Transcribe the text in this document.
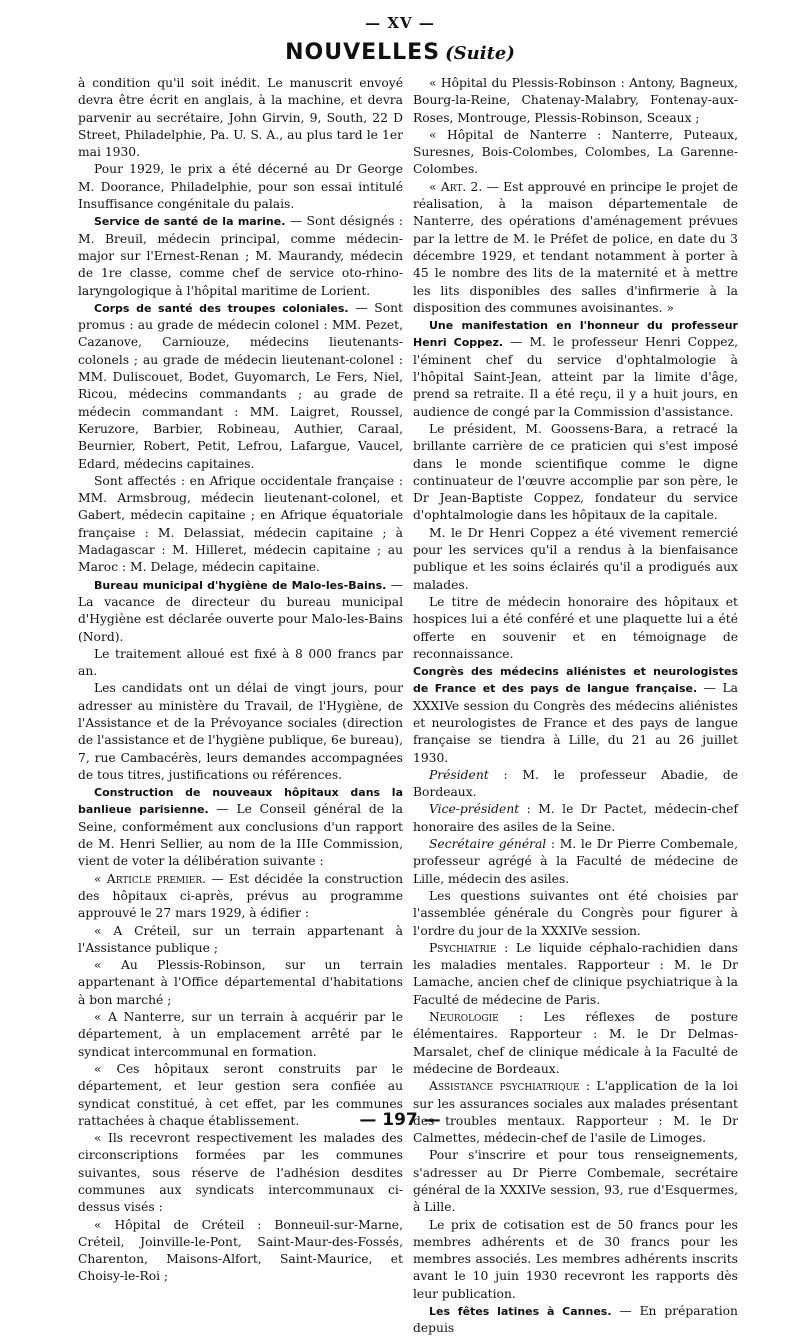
— XV —
NOUVELLES (Suite)

à condition qu'il soit inédit. Le manuscrit envoyé devra être écrit en anglais, à la machine, et devra parvenir au secrétaire, John Girvin, 9, South, 22 D Street, Philadelphie, Pa. U. S. A., au plus tard le 1er mai 1930.

Pour 1929, le prix a été décerné au Dr George M. Doorance, Philadelphie, pour son essai intitulé Insuffisance congénitale du palais.

Service de santé de la marine. — Sont désignés : M. Breuil, médecin principal, comme médecin-major sur l'Ernest-Renan ; M. Maurandy, médecin de 1re classe, comme chef de service oto-rhino-laryngologique à l'hôpital maritime de Lorient.

Corps de santé des troupes coloniales. — Sont promus : au grade de médecin colonel : MM. Pezet, Cazanove, Carniouze, médecins lieutenants-colonels ; au grade de médecin lieutenant-colonel : MM. Duliscouet, Bodet, Guyomarch, Le Fers, Niel, Ricou, médecins commandants ; au grade de médecin commandant : MM. Laigret, Roussel, Keruzore, Barbier, Robineau, Authier, Caraal, Beurnier, Robert, Petit, Lefrou, Lafargue, Vaucel, Edard, médecins capitaines.

Sont affectés : en Afrique occidentale française : MM. Armsbroug, médecin lieutenant-colonel, et Gabert, médecin capitaine ; en Afrique équatoriale française : M. Delassiat, médecin capitaine ; à Madagascar : M. Hilleret, médecin capitaine ; au Maroc : M. Delage, médecin capitaine.

Bureau municipal d'hygiène de Malo-les-Bains. — La vacance de directeur du bureau municipal d'Hygiène est déclarée ouverte pour Malo-les-Bains (Nord).

Le traitement alloué est fixé à 8 000 francs par an.

Les candidats ont un délai de vingt jours, pour adresser au ministère du Travail, de l'Hygiène, de l'Assistance et de la Prévoyance sociales (direction de l'assistance et de l'hygiène publique, 6e bureau), 7, rue Cambacérès, leurs demandes accompagnées de tous titres, justifications ou références.

Construction de nouveaux hôpitaux dans la banlieue parisienne. — Le Conseil général de la Seine, conformément aux conclusions d'un rapport de M. Henri Sellier, au nom de la IIIe Commission, vient de voter la délibération suivante :

« Article premier. — Est décidée la construction des hôpitaux ci-après, prévus au programme approuvé le 27 mars 1929, à édifier :

« A Créteil, sur un terrain appartenant à l'Assistance publique ;

« Au Plessis-Robinson, sur un terrain appartenant à l'Office départemental d'habitations à bon marché ;

« A Nanterre, sur un terrain à acquérir par le département, à un emplacement arrêté par le syndicat intercommunal en formation.

« Ces hôpitaux seront construits par le département, et leur gestion sera confiée au syndicat constitué, à cet effet, par les communes rattachées à chaque établissement.

« Ils recevront respectivement les malades des circonscriptions formées par les communes suivantes, sous réserve de l'adhésion desdites communes aux syndicats intercommunaux ci-dessus visés :

« Hôpital de Créteil : Bonneuil-sur-Marne, Créteil, Joinville-le-Pont, Saint-Maur-des-Fossés, Charenton, Maisons-Alfort, Saint-Maurice, et Choisy-le-Roi ;

« Hôpital du Plessis-Robinson : Antony, Bagneux, Bourg-la-Reine, Chatenay-Malabry, Fontenay-aux-Roses, Montrouge, Plessis-Robinson, Sceaux ;

« Hôpital de Nanterre : Nanterre, Puteaux, Suresnes, Bois-Colombes, Colombes, La Garenne-Colombes.

« Art. 2. — Est approuvé en principe le projet de réalisation, à la maison départementale de Nanterre, des opérations d'aménagement prévues par la lettre de M. le Préfet de police, en date du 3 décembre 1929, et tendant notamment à porter à 45 le nombre des lits de la maternité et à mettre les lits disponibles des salles d'infirmerie à la disposition des communes avoisinantes. »

Une manifestation en l'honneur du professeur Henri Coppez. — M. le professeur Henri Coppez, l'éminent chef du service d'ophtalmologie à l'hôpital Saint-Jean, atteint par la limite d'âge, prend sa retraite. Il a été reçu, il y a huit jours, en audience de congé par la Commission d'assistance.

Le président, M. Goossens-Bara, a retracé la brillante carrière de ce praticien qui s'est imposé dans le monde scientifique comme le digne continuateur de l'œuvre accomplie par son père, le Dr Jean-Baptiste Coppez, fondateur du service d'ophtalmologie dans les hôpitaux de la capitale.

M. le Dr Henri Coppez a été vivement remercié pour les services qu'il a rendus à la bienfaisance publique et les soins éclairés qu'il a prodigués aux malades.

Le titre de médecin honoraire des hôpitaux et hospices lui a été conféré et une plaquette lui a été offerte en souvenir et en témoignage de reconnaissance.

Congrès des médecins aliénistes et neurologistes de France et des pays de langue française. — La XXXIVe session du Congrès des médecins aliénistes et neurologistes de France et des pays de langue française se tiendra à Lille, du 21 au 26 juillet 1930.

Président : M. le professeur Abadie, de Bordeaux.

Vice-président : M. le Dr Pactet, médecin-chef honoraire des asiles de la Seine.

Secrétaire général : M. le Dr Pierre Combemale, professeur agrégé à la Faculté de médecine de Lille, médecin des asiles.

Les questions suivantes ont été choisies par l'assemblée générale du Congrès pour figurer à l'ordre du jour de la XXXIVe session.

Psychiatrie : Le liquide céphalo-rachidien dans les maladies mentales. Rapporteur : M. le Dr Lamache, ancien chef de clinique psychiatrique à la Faculté de médecine de Paris.

Neurologie : Les réflexes de posture élémentaires. Rapporteur : M. le Dr Delmas-Marsalet, chef de clinique médicale à la Faculté de médecine de Bordeaux.

Assistance psychiatrique : L'application de la loi sur les assurances sociales aux malades présentant des troubles mentaux. Rapporteur : M. le Dr Calmettes, médecin-chef de l'asile de Limoges.

Pour s'inscrire et pour tous renseignements, s'adresser au Dr Pierre Combemale, secrétaire général de la XXXIVe session, 93, rue d'Esquermes, à Lille.

Le prix de cotisation est de 50 francs pour les membres adhérents et de 30 francs pour les membres associés. Les membres adhérents inscrits avant le 10 juin 1930 recevront les rapports dès leur publication.

Les fêtes latines à Cannes. — En préparation depuis

— 197 —
